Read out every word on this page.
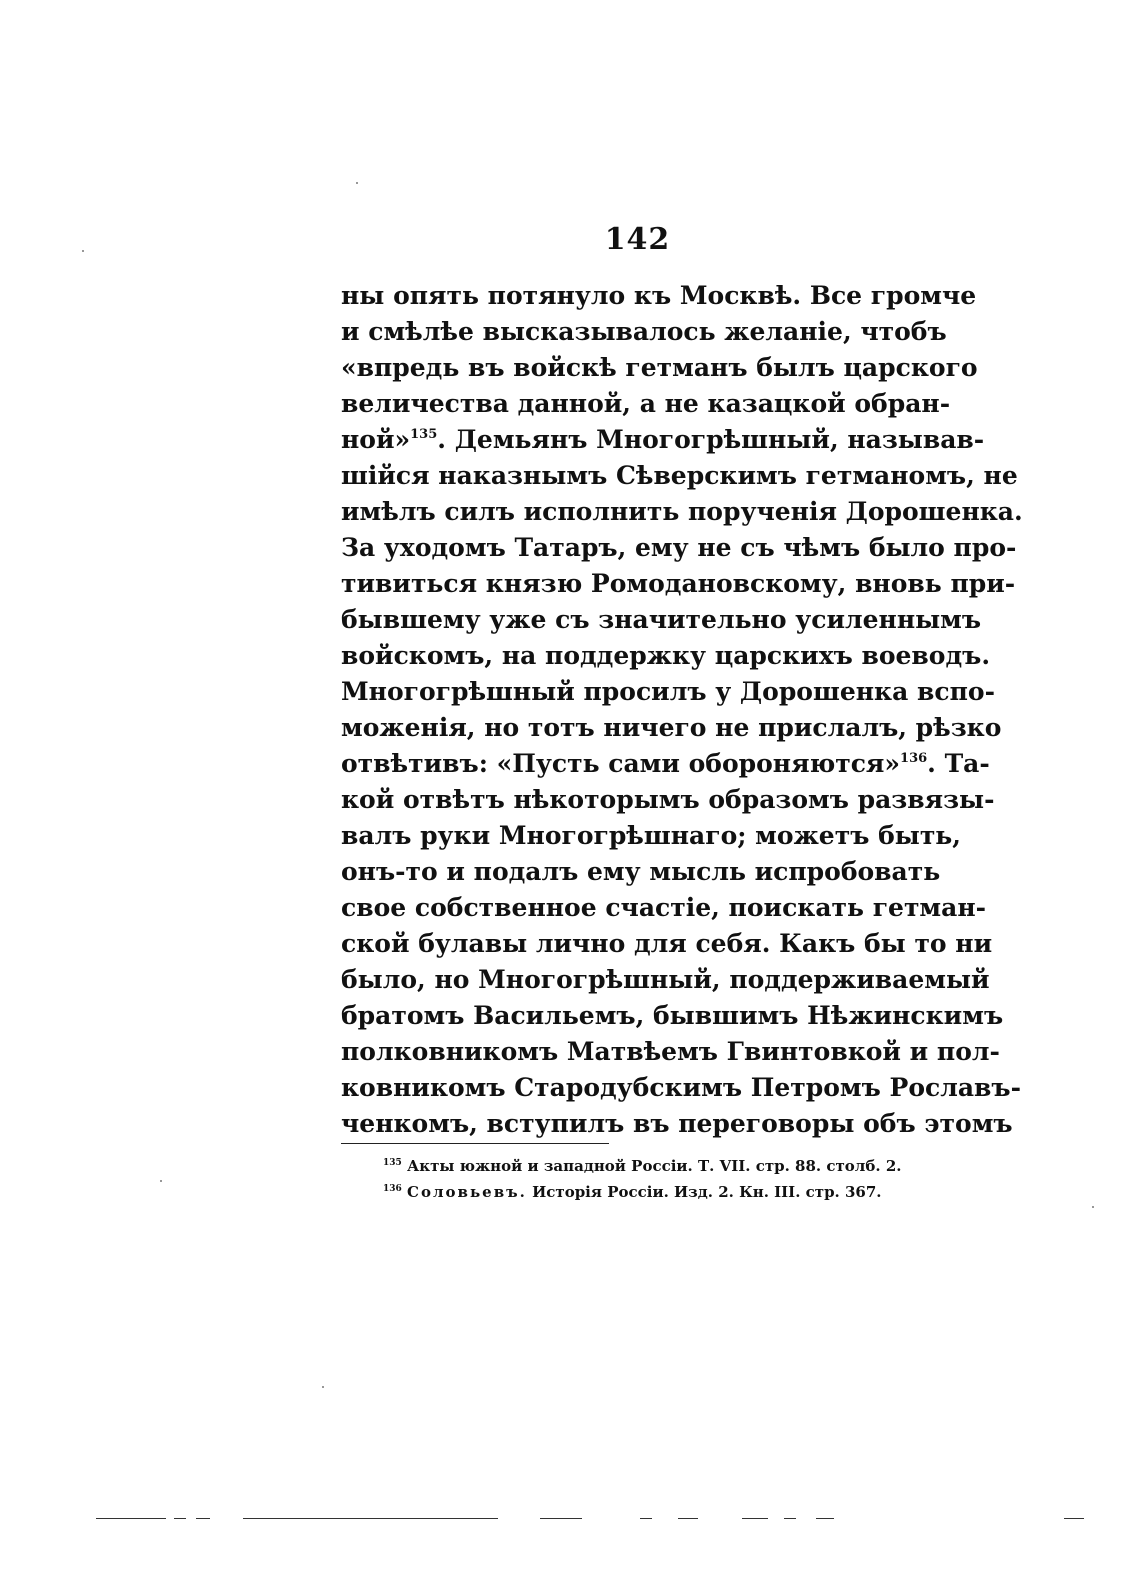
142
ны опять потянуло къ Москвѣ. Все громче
и смѣлѣе высказывалось желаніе, чтобъ
«впредь въ войскѣ гетманъ былъ царского
величества данной, а не казацкой обран-
ной»$^{135}$. Демьянъ Многогрѣшный, называв-
шійся наказнымъ Сѣверскимъ гетманомъ, не
имѣлъ силъ исполнить порученія Дорошенка.
За уходомъ Татаръ, ему не съ чѣмъ было про-
тивиться князю Ромодановскому, вновь при-
бывшему уже съ значительно усиленнымъ
войскомъ, на поддержку царскихъ воеводъ.
Многогрѣшный просилъ у Дорошенка вспо-
моженія, но тотъ ничего не прислалъ, рѣзко
отвѣтивъ: «Пусть сами обороняются»$^{136}$. Та-
кой отвѣтъ нѣкоторымъ образомъ развязы-
валъ руки Многогрѣшнаго; можетъ быть,
онъ-то и подалъ ему мысль испробовать
свое собственное счастіе, поискать гетман-
ской булавы лично для себя. Какъ бы то ни
было, но Многогрѣшный, поддерживаемый
братомъ Васильемъ, бывшимъ Нѣжинскимъ
полковникомъ Матвѣемъ Гвинтовкой и пол-
ковникомъ Стародубскимъ Петромъ Рославъ-
ченкомъ, вступилъ въ переговоры объ этомъ
$^{135}$ Акты южной и западной Россіи. Т. VII. стр. 88. столб. 2.
$^{136}$ Соловьевъ. Исторія Россіи. Изд. 2. Кн. III. стр. 367.
